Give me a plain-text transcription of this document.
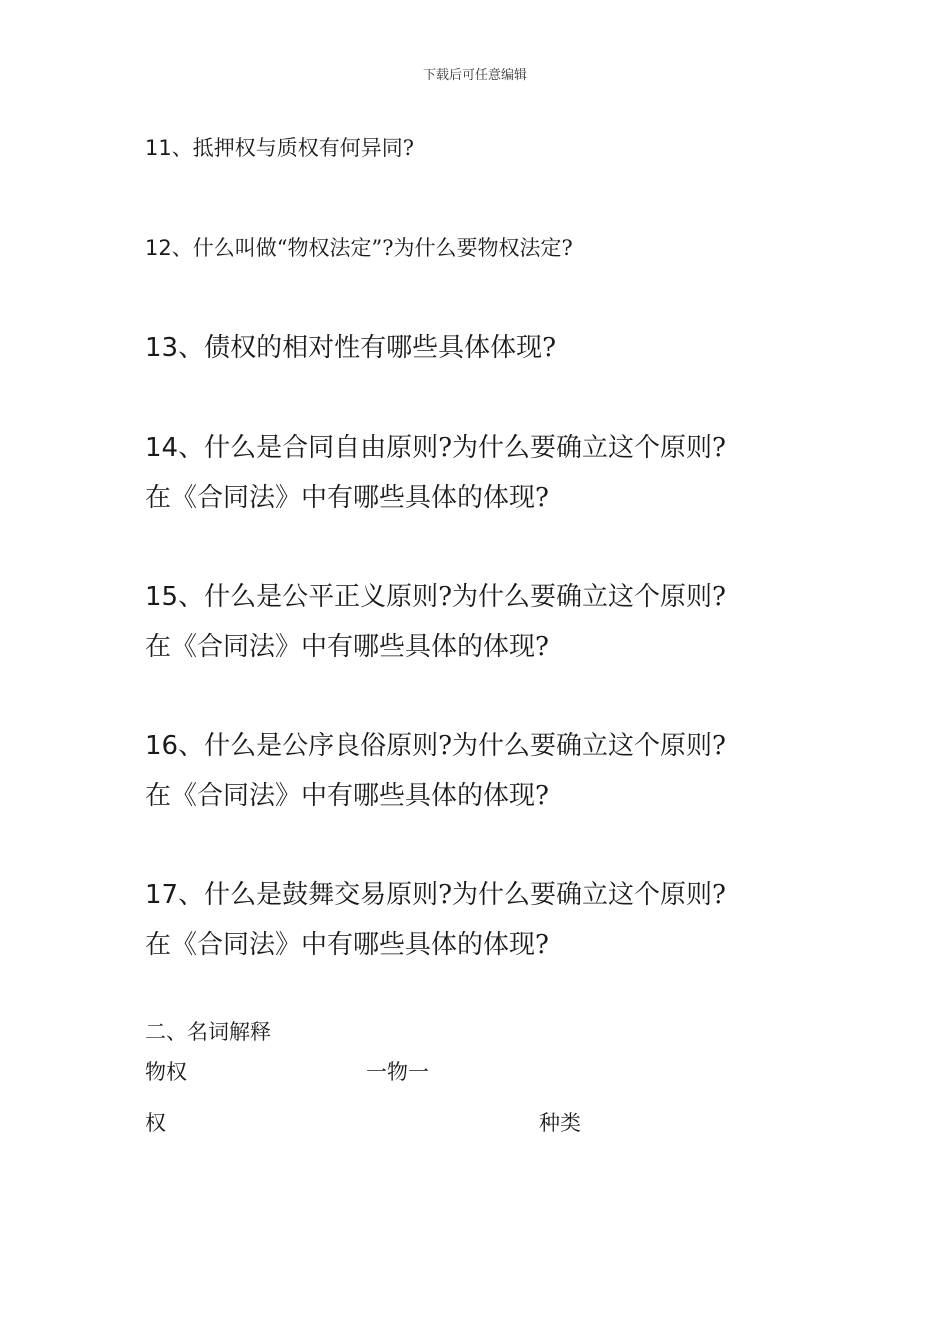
下载后可任意编辑

11、抵押权与质权有何异同?

12、什么叫做“物权法定”?为什么要物权法定?

13、债权的相对性有哪些具体体现?

14、什么是合同自由原则?为什么要确立这个原则?
在《合同法》中有哪些具体的体现?
15、什么是公平正义原则?为什么要确立这个原则?
在《合同法》中有哪些具体的体现?
16、什么是公序良俗原则?为什么要确立这个原则?
在《合同法》中有哪些具体的体现?
17、什么是鼓舞交易原则?为什么要确立这个原则?
在《合同法》中有哪些具体的体现?
二、名词解释
物权	一物一
权	种类
